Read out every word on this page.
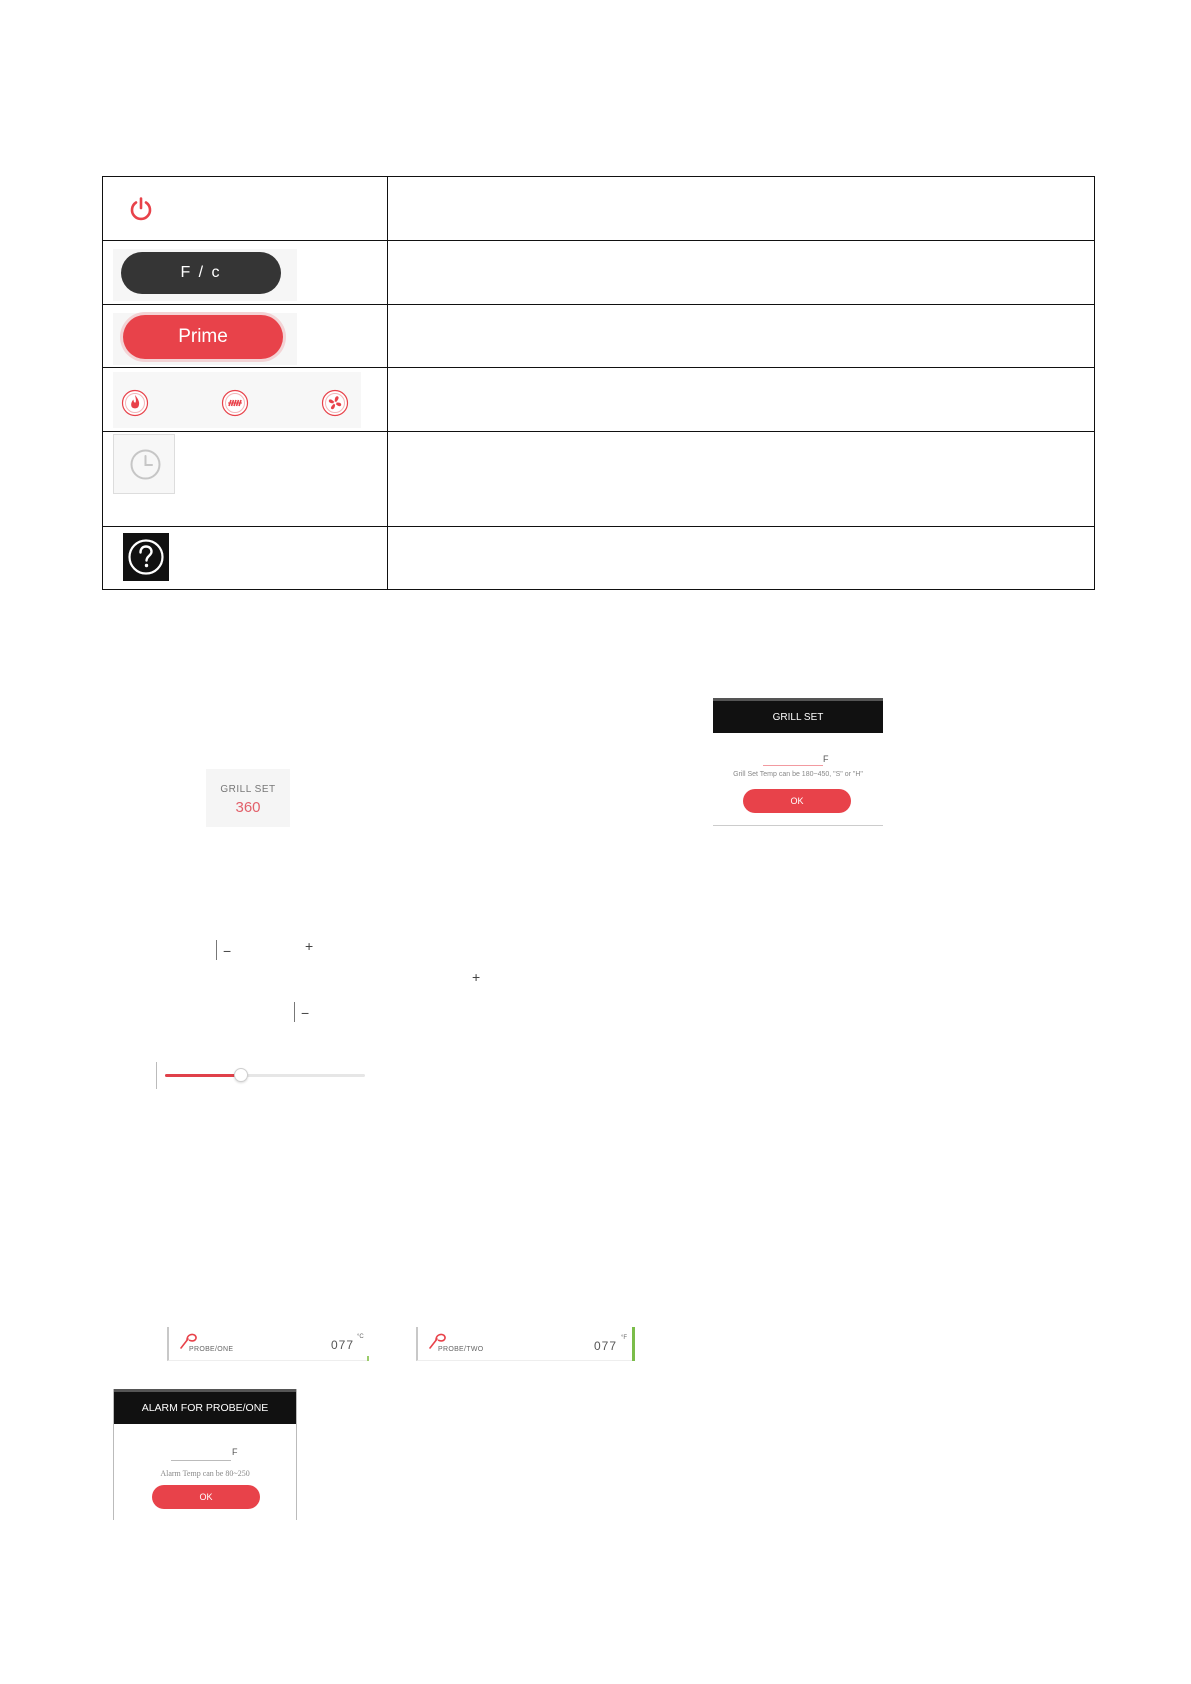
F / c	

Prime	

GRILL SET
360
GRILL SET
F
Grill Set Temp can be 180~450, "S" or "H"
OK
−	+
+
−
PROBE/ONE	077
°C
PROBE/TWO	077
°F
ALARM FOR PROBE/ONE
F
Alarm Temp can be 80~250
OK
